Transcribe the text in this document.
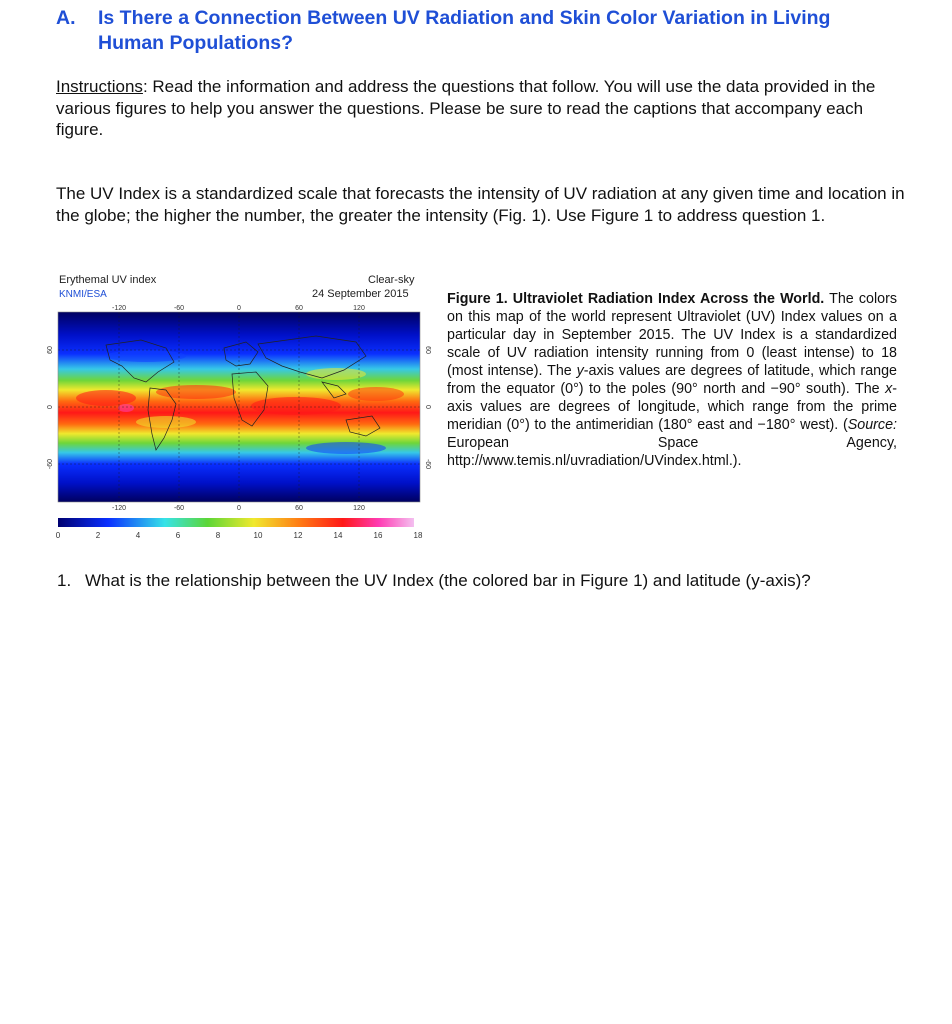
A. Is There a Connection Between UV Radiation and Skin Color Variation in Living Human Populations?
Instructions: Read the information and address the questions that follow. You will use the data provided in the various figures to help you answer the questions. Please be sure to read the captions that accompany each figure.
The UV Index is a standardized scale that forecasts the intensity of UV radiation at any given time and location in the globe; the higher the number, the greater the intensity (Fig. 1). Use Figure 1 to address question 1.
Erythemal UV index
KNMI/ESA
Clear-sky
24 September 2015
-120	-60	0	60	120
-120	-60	0	60	120
60
0
-60
60
0
-60
0	2	4	6	8	10	12	14	16	18
Figure 1. Ultraviolet Radiation Index Across the World. The colors on this map of the world represent Ultraviolet (UV) Index values on a particular day in September 2015. The UV Index is a standardized scale of UV radiation intensity running from 0 (least intense) to 18 (most intense). The y-axis values are degrees of latitude, which range from the equator (0°) to the poles (90° north and −90° south). The x-axis values are degrees of longitude, which range from the prime meridian (0°) to the antimeridian (180° east and −180° west). (Source: European Space Agency, http://www.temis.nl/uvradiation/UVindex.html.).
1. What is the relationship between the UV Index (the colored bar in Figure 1) and latitude (y-axis)?
